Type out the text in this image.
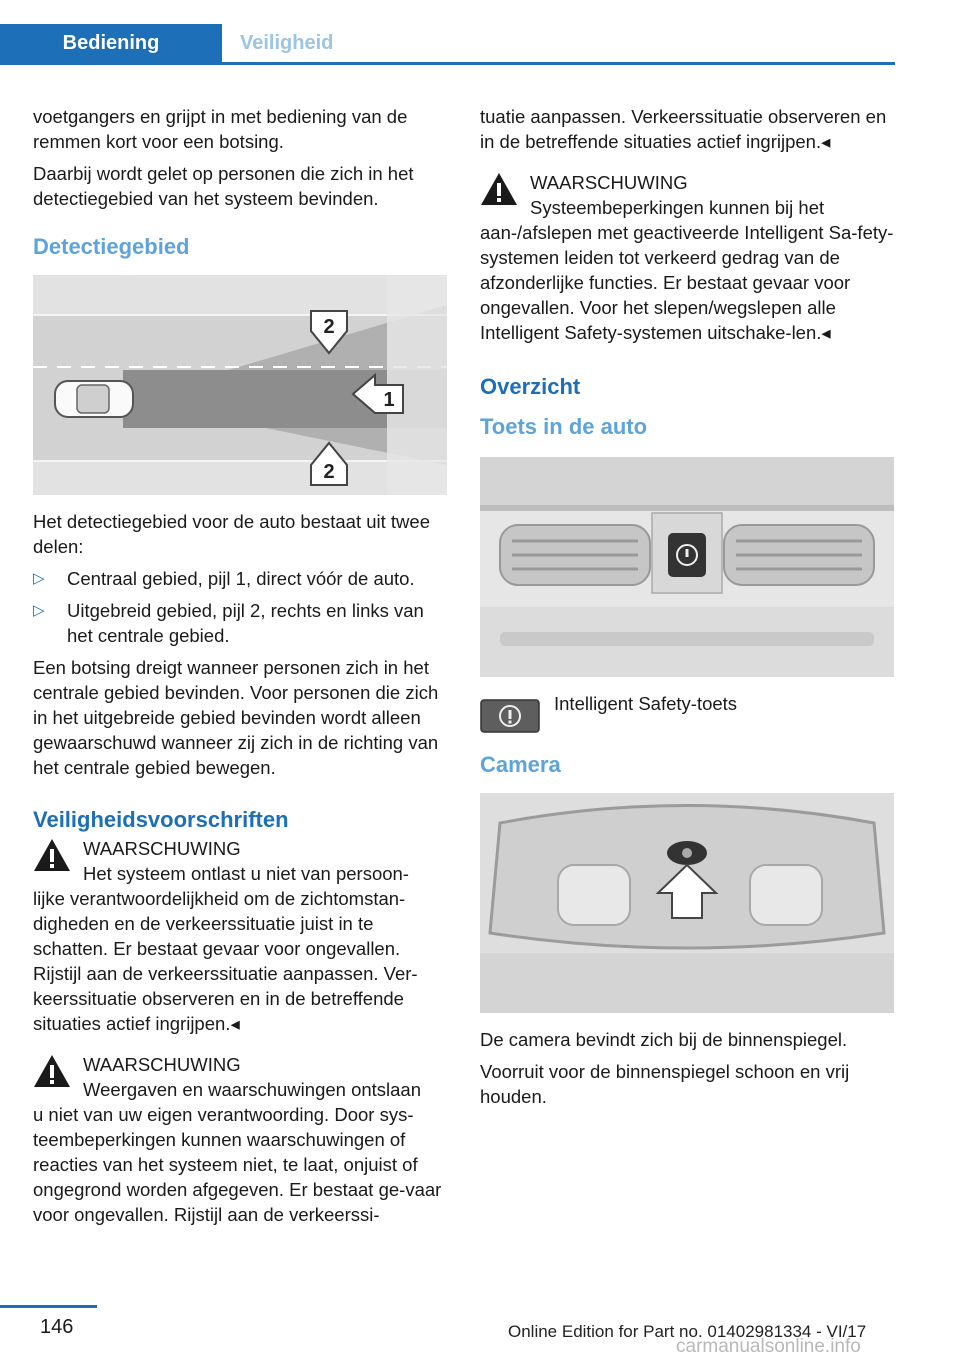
Bediening	Veiligheid

voetgangers en grijpt in met bediening van de remmen kort voor een botsing.

Daarbij wordt gelet op personen die zich in het detectiegebied van het systeem bevinden.

Detectiegebied
2
1
2

Het detectiegebied voor de auto bestaat uit twee delen:

▷ Centraal gebied, pijl 1, direct vóór de auto.
▷ Uitgebreid gebied, pijl 2, rechts en links van het centrale gebied.

Een botsing dreigt wanneer personen zich in het centrale gebied bevinden. Voor personen die zich in het uitgebreide gebied bevinden wordt alleen gewaarschuwd wanneer zij zich in de richting van het centrale gebied bewegen.

Veiligheidsvoorschriften

WAARSCHUWING

Het systeem ontlast u niet van persoon-

lijke verantwoordelijkheid om de zichtomstan-digheden en de verkeerssituatie juist in te schatten. Er bestaat gevaar voor ongevallen. Rijstijl aan de verkeerssituatie aanpassen. Ver-keerssituatie observeren en in de betreffende situaties actief ingrijpen.◂

WAARSCHUWING

Weergaven en waarschuwingen ontslaan

u niet van uw eigen verantwoording. Door sys-teembeperkingen kunnen waarschuwingen of reacties van het systeem niet, te laat, onjuist of ongegrond worden afgegeven. Er bestaat ge-vaar voor ongevallen. Rijstijl aan de verkeerssi-

tuatie aanpassen. Verkeerssituatie observeren en in de betreffende situaties actief ingrijpen.◂

WAARSCHUWING

Systeembeperkingen kunnen bij het

aan-/afslepen met geactiveerde Intelligent Sa-fety-systemen leiden tot verkeerd gedrag van de afzonderlijke functies. Er bestaat gevaar voor ongevallen. Voor het slepen/wegslepen alle Intelligent Safety-systemen uitschake-len.◂

Overzicht
Toets in de auto
Intelligent Safety-toets
Camera

De camera bevindt zich bij de binnenspiegel.

Voorruit voor de binnenspiegel schoon en vrij houden.

146	Online Edition for Part no. 01402981334 - VI/17
carmanualsonline.info
